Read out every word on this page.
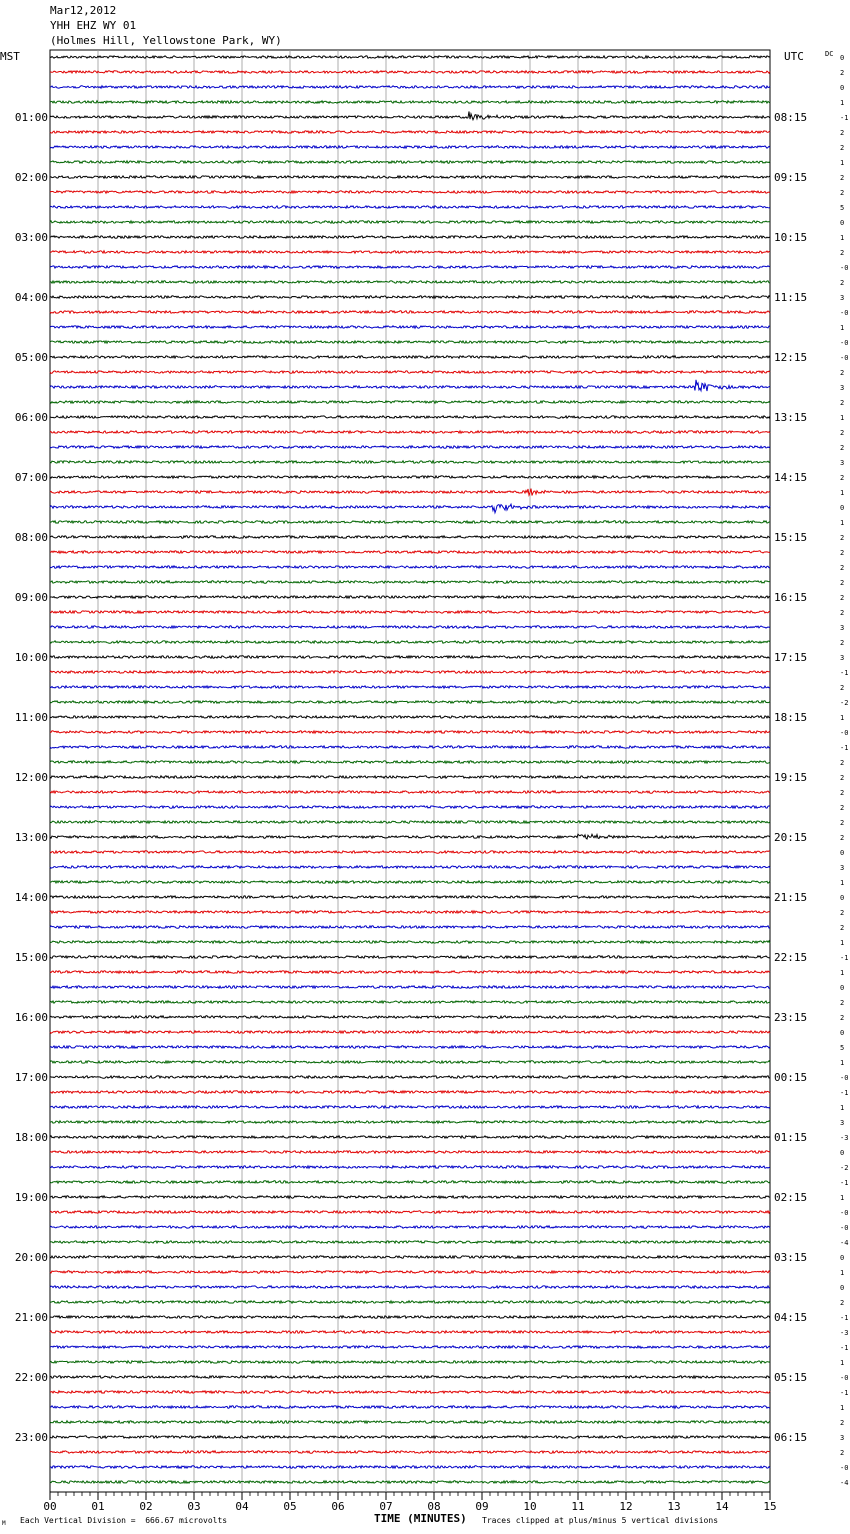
Mar12,2012
YHH EHZ WY 01
(Holmes Hill, Yellowstone Park, WY)
0
2
0
1
-1
2
2
1
2
2
5
0
1
2
-0
2
3
-0
1
-0
-0
2
3
2
1
2
2
3
2
1
0
1
2
2
2
2
2
2
3
2
3
-1
2
-2
1
-0
-1
2
2
2
2
2
2
0
3
1
0
2
2
1
-1
1
0
2
2
0
5
1
-0
-1
1
3
-3
0
-2
-1
1
-0
-0
-4
0
1
0
2
-1
-3
-1
1
-0
-1
1
2
3
2
-0
-4
01:00
02:00
03:00
04:00
05:00
06:00
07:00
08:00
09:00
10:00
11:00
12:00
13:00
14:00
15:00
16:00
17:00
18:00
19:00
20:00
21:00
22:00
23:00
08:15
09:15
10:15
11:15
12:15
13:15
14:15
15:15
16:15
17:15
18:15
19:15
20:15
21:15
22:15
23:15
00:15
01:15
02:15
03:15
04:15
05:15
06:15
MST	UTC	DC
00	01	02	03	04	05	06	07	08	09	10	11	12	13	14	15
TIME (MINUTES)
Each Vertical Division =  666.67 microvolts	Traces clipped at plus/minus 5 vertical divisions
M
